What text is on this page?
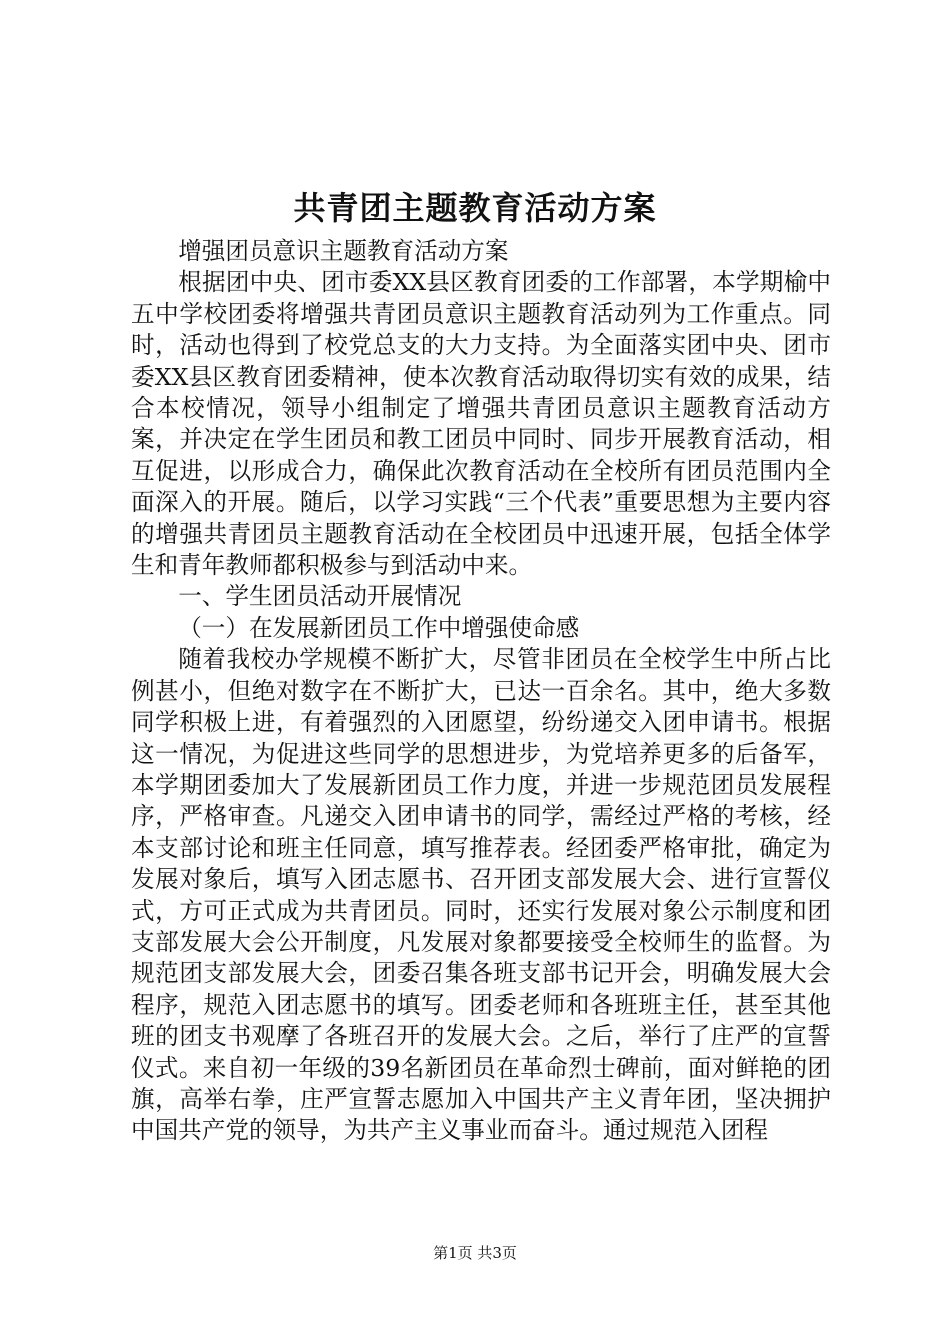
共青团主题教育活动方案

增强团员意识主题教育活动方案

根据团中央、团市委XX县区教育团委的工作部署，本学期榆中五中学校团委将增强共青团员意识主题教育活动列为工作重点。同时，活动也得到了校党总支的大力支持。为全面落实团中央、团市委XX县区教育团委精神，使本次教育活动取得切实有效的成果，结合本校情况，领导小组制定了增强共青团员意识主题教育活动方案，并决定在学生团员和教工团员中同时、同步开展教育活动，相互促进，以形成合力，确保此次教育活动在全校所有团员范围内全面深入的开展。随后，以学习实践“三个代表”重要思想为主要内容的增强共青团员主题教育活动在全校团员中迅速开展，包括全体学生和青年教师都积极参与到活动中来。

一、学生团员活动开展情况

（一）在发展新团员工作中增强使命感

随着我校办学规模不断扩大，尽管非团员在全校学生中所占比例甚小，但绝对数字在不断扩大，已达一百余名。其中，绝大多数同学积极上进，有着强烈的入团愿望，纷纷递交入团申请书。根据这一情况，为促进这些同学的思想进步，为党培养更多的后备军，本学期团委加大了发展新团员工作力度，并进一步规范团员发展程序，严格审查。凡递交入团申请书的同学，需经过严格的考核，经本支部讨论和班主任同意，填写推荐表。经团委严格审批，确定为发展对象后，填写入团志愿书、召开团支部发展大会、进行宣誓仪式，方可正式成为共青团员。同时，还实行发展对象公示制度和团支部发展大会公开制度，凡发展对象都要接受全校师生的监督。为规范团支部发展大会，团委召集各班支部书记开会，明确发展大会程序，规范入团志愿书的填写。团委老师和各班班主任，甚至其他班的团支书观摩了各班召开的发展大会。之后，举行了庄严的宣誓仪式。来自初一年级的39名新团员在革命烈士碑前，面对鲜艳的团旗，高举右拳，庄严宣誓志愿加入中国共产主义青年团，坚决拥护中国共产党的领导，为共产主义事业而奋斗。通过规范入团程

第1页 共3页
